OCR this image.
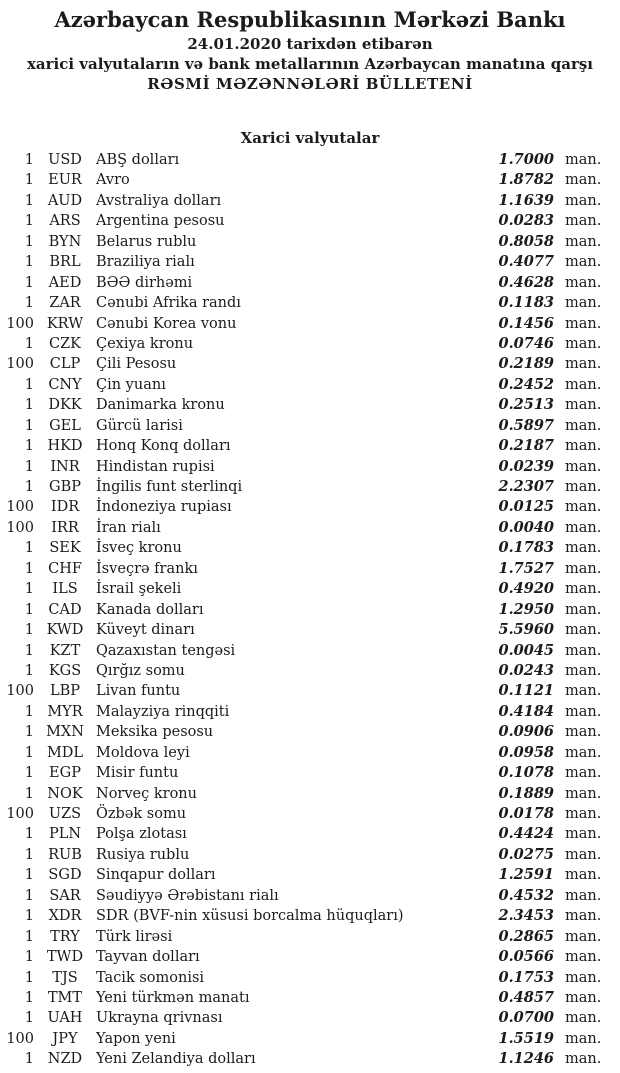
Azərbaycan Respublikasının Mərkəzi Bankı
24.01.2020 tarixdən etibarən
xarici valyutaların və bank metallarının Azərbaycan manatına qarşı
RƏSMİ MƏZƏNNƏLƏRİ BÜLLETENİ
Xarici valyutalar
1 USD ABŞ dolları	1.7000 man.
1 EUR Avro	1.8782 man.
1 AUD Avstraliya dolları	1.1639 man.
1	ARS	Argentina pesosu	0.0283 man.
1	BYN	Belarus rublu	0.8058 man.
1	BRL	Braziliya rialı	0.4077 man.
1	AED	BƏƏ dirhəmi	0.4628 man.
1	ZAR	Cənubi Afrika randı	0.1183 man.
100 KRW Cənubi Korea vonu	0.1456 man.
1	CZK	Çexiya kronu	0.0746 man.
100	CLP	Çili Pesosu	0.2189 man.
1 CNY Çin yuanı	0.2452 man.
1 DKK Danimarka kronu	0.2513 man.
1	GEL	Gürcü larisi	0.5897 man.
1 HKD Honq Konq dolları	0.2187 man.
1	INR	Hindistan rupisi	0.0239 man.
1	GBP	İngilis funt sterlinqi	2.2307 man.
100	IDR	İndoneziya rupiası	0.0125 man.
100	IRR	İran rialı	0.0040 man.
1	SEK	İsveç kronu	0.1783 man.
1 CHF İsveçrə frankı	1.7527 man.
1	ILS	İsrail şekeli	0.4920 man.
1 CAD Kanada dolları	1.2950 man.
1 KWD Küveyt dinarı	5.5960 man.
1	KZT	Qazaxıstan tengəsi	0.0045 man.
1	KGS	Qırğız somu	0.0243 man.
100	LBP	Livan funtu	0.1121 man.
1 MYR Malayziya rinqqiti	0.4184 man.
1 MXN Meksika pesosu	0.0906 man.
1 MDL Moldova leyi	0.0958 man.
1	EGP	Misir funtu	0.1078 man.
1 NOK Norveç kronu	0.1889 man.
100	UZS	Özbək somu	0.0178 man.
1	PLN	Polşa zlotası	0.4424 man.
1 RUB Rusiya rublu	0.0275 man.
1 SGD Sinqapur dolları	1.2591 man.
1	SAR	Səudiyyə Ərəbistanı rialı	0.4532 man.
1	XDR	SDR (BVF-nin xüsusi borcalma hüquqları)	2.3453 man.
1	TRY	Türk lirəsi	0.2865 man.
1 TWD Tayvan dolları	0.0566 man.
1	TJS	Tacik somonisi	0.1753 man.
1 TMT Yeni türkmən manatı	0.4857 man.
1 UAH Ukrayna qrivnası	0.0700 man.
100	JPY	Yapon yeni	1.5519 man.
1 NZD Yeni Zelandiya dolları	1.1246 man.
